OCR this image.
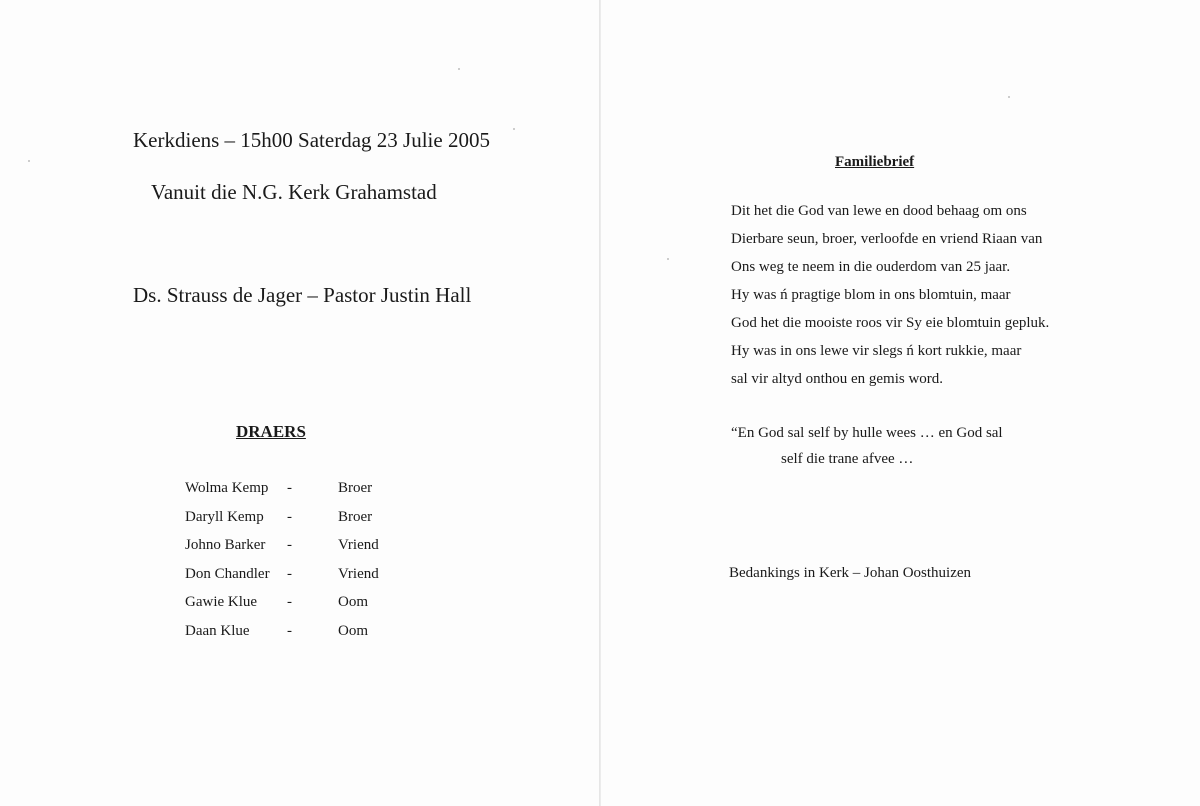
Kerkdiens – 15h00 Saterdag 23 Julie 2005
Vanuit die N.G. Kerk Grahamstad
Ds. Strauss de Jager – Pastor Justin Hall
DRAERS
Wolma Kemp -	Broer
Daryll Kemp -	Broer
Johno Barker -	Vriend
Don Chandler -	Vriend
Gawie Klue -	Oom
Daan Klue -	Oom
Familiebrief
Dit het die God van lewe en dood behaag om ons
Dierbare seun, broer, verloofde en vriend Riaan van
Ons weg te neem in die ouderdom van 25 jaar.
Hy was ń pragtige blom in ons blomtuin, maar
God het die mooiste roos vir Sy eie blomtuin gepluk.
Hy was in ons lewe vir slegs ń kort rukkie, maar
sal vir altyd onthou en gemis word.
“En God sal self by hulle wees … en God sal
self die trane afvee …
Bedankings in Kerk – Johan Oosthuizen
